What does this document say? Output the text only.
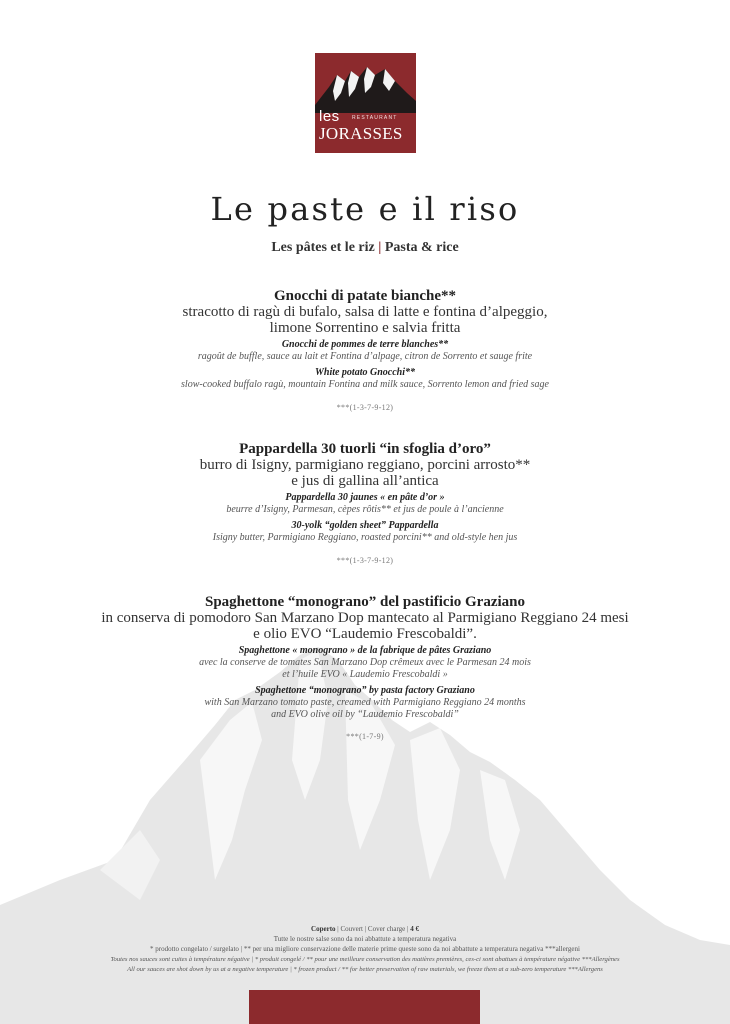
les RESTAURANT
JORASSES
Le paste e il riso
Les pâtes et le riz | Pasta & rice
Gnocchi di patate bianche**
stracotto di ragù di bufalo, salsa di latte e fontina d’alpeggio,
limone Sorrentino e salvia fritta
Gnocchi de pommes de terre blanches**
ragoût de buffle, sauce au lait et Fontina d’alpage, citron de Sorrento et sauge frite
White potato Gnocchi**
slow-cooked buffalo ragù, mountain Fontina and milk sauce, Sorrento lemon and fried sage
***(1-3-7-9-12)
Pappardella 30 tuorli “in sfoglia d’oro”
burro di Isigny, parmigiano reggiano, porcini arrosto**
e jus di gallina all’antica
Pappardella 30 jaunes « en pâte d’or »
beurre d’Isigny, Parmesan, cèpes rôtis** et jus de poule à l’ancienne
30-yolk “golden sheet” Pappardella
Isigny butter, Parmigiano Reggiano, roasted porcini** and old-style hen jus
***(1-3-7-9-12)
Spaghettone “monograno” del pastificio Graziano
in conserva di pomodoro San Marzano Dop mantecato al Parmigiano Reggiano 24 mesi
e olio EVO “Laudemio Frescobaldi”.
Spaghettone « monograno » de la fabrique de pâtes Graziano
avec la conserve de tomates San Marzano Dop crêmeux avec le Parmesan 24 mois
et l’huile EVO « Laudemio Frescobaldi »
Spaghettone “monograno” by pasta factory Graziano
with San Marzano tomato paste, creamed with Parmigiano Reggiano 24 months
and EVO olive oil by “Laudemio Frescobaldi”
***(1-7-9)
Coperto | Couvert | Cover charge | 4 €
Tutte le nostre salse sono da noi abbattute a temperatura negativa
* prodotto congelato / surgelato | ** per una migliore conservazione delle materie prime queste sono da noi abbattute a temperatura negativa ***allergeni
Toutes nos sauces sont cuites à température négative | * produit congelé / ** pour une meilleure conservation des matières premières, ces-ci sont abattues à température négative ***Allergènes
All our sauces are shot down by us at a negative temperature | * frozen product / ** for better preservation of raw materials, we freeze them at a sub-zero temperature ***Allergens
